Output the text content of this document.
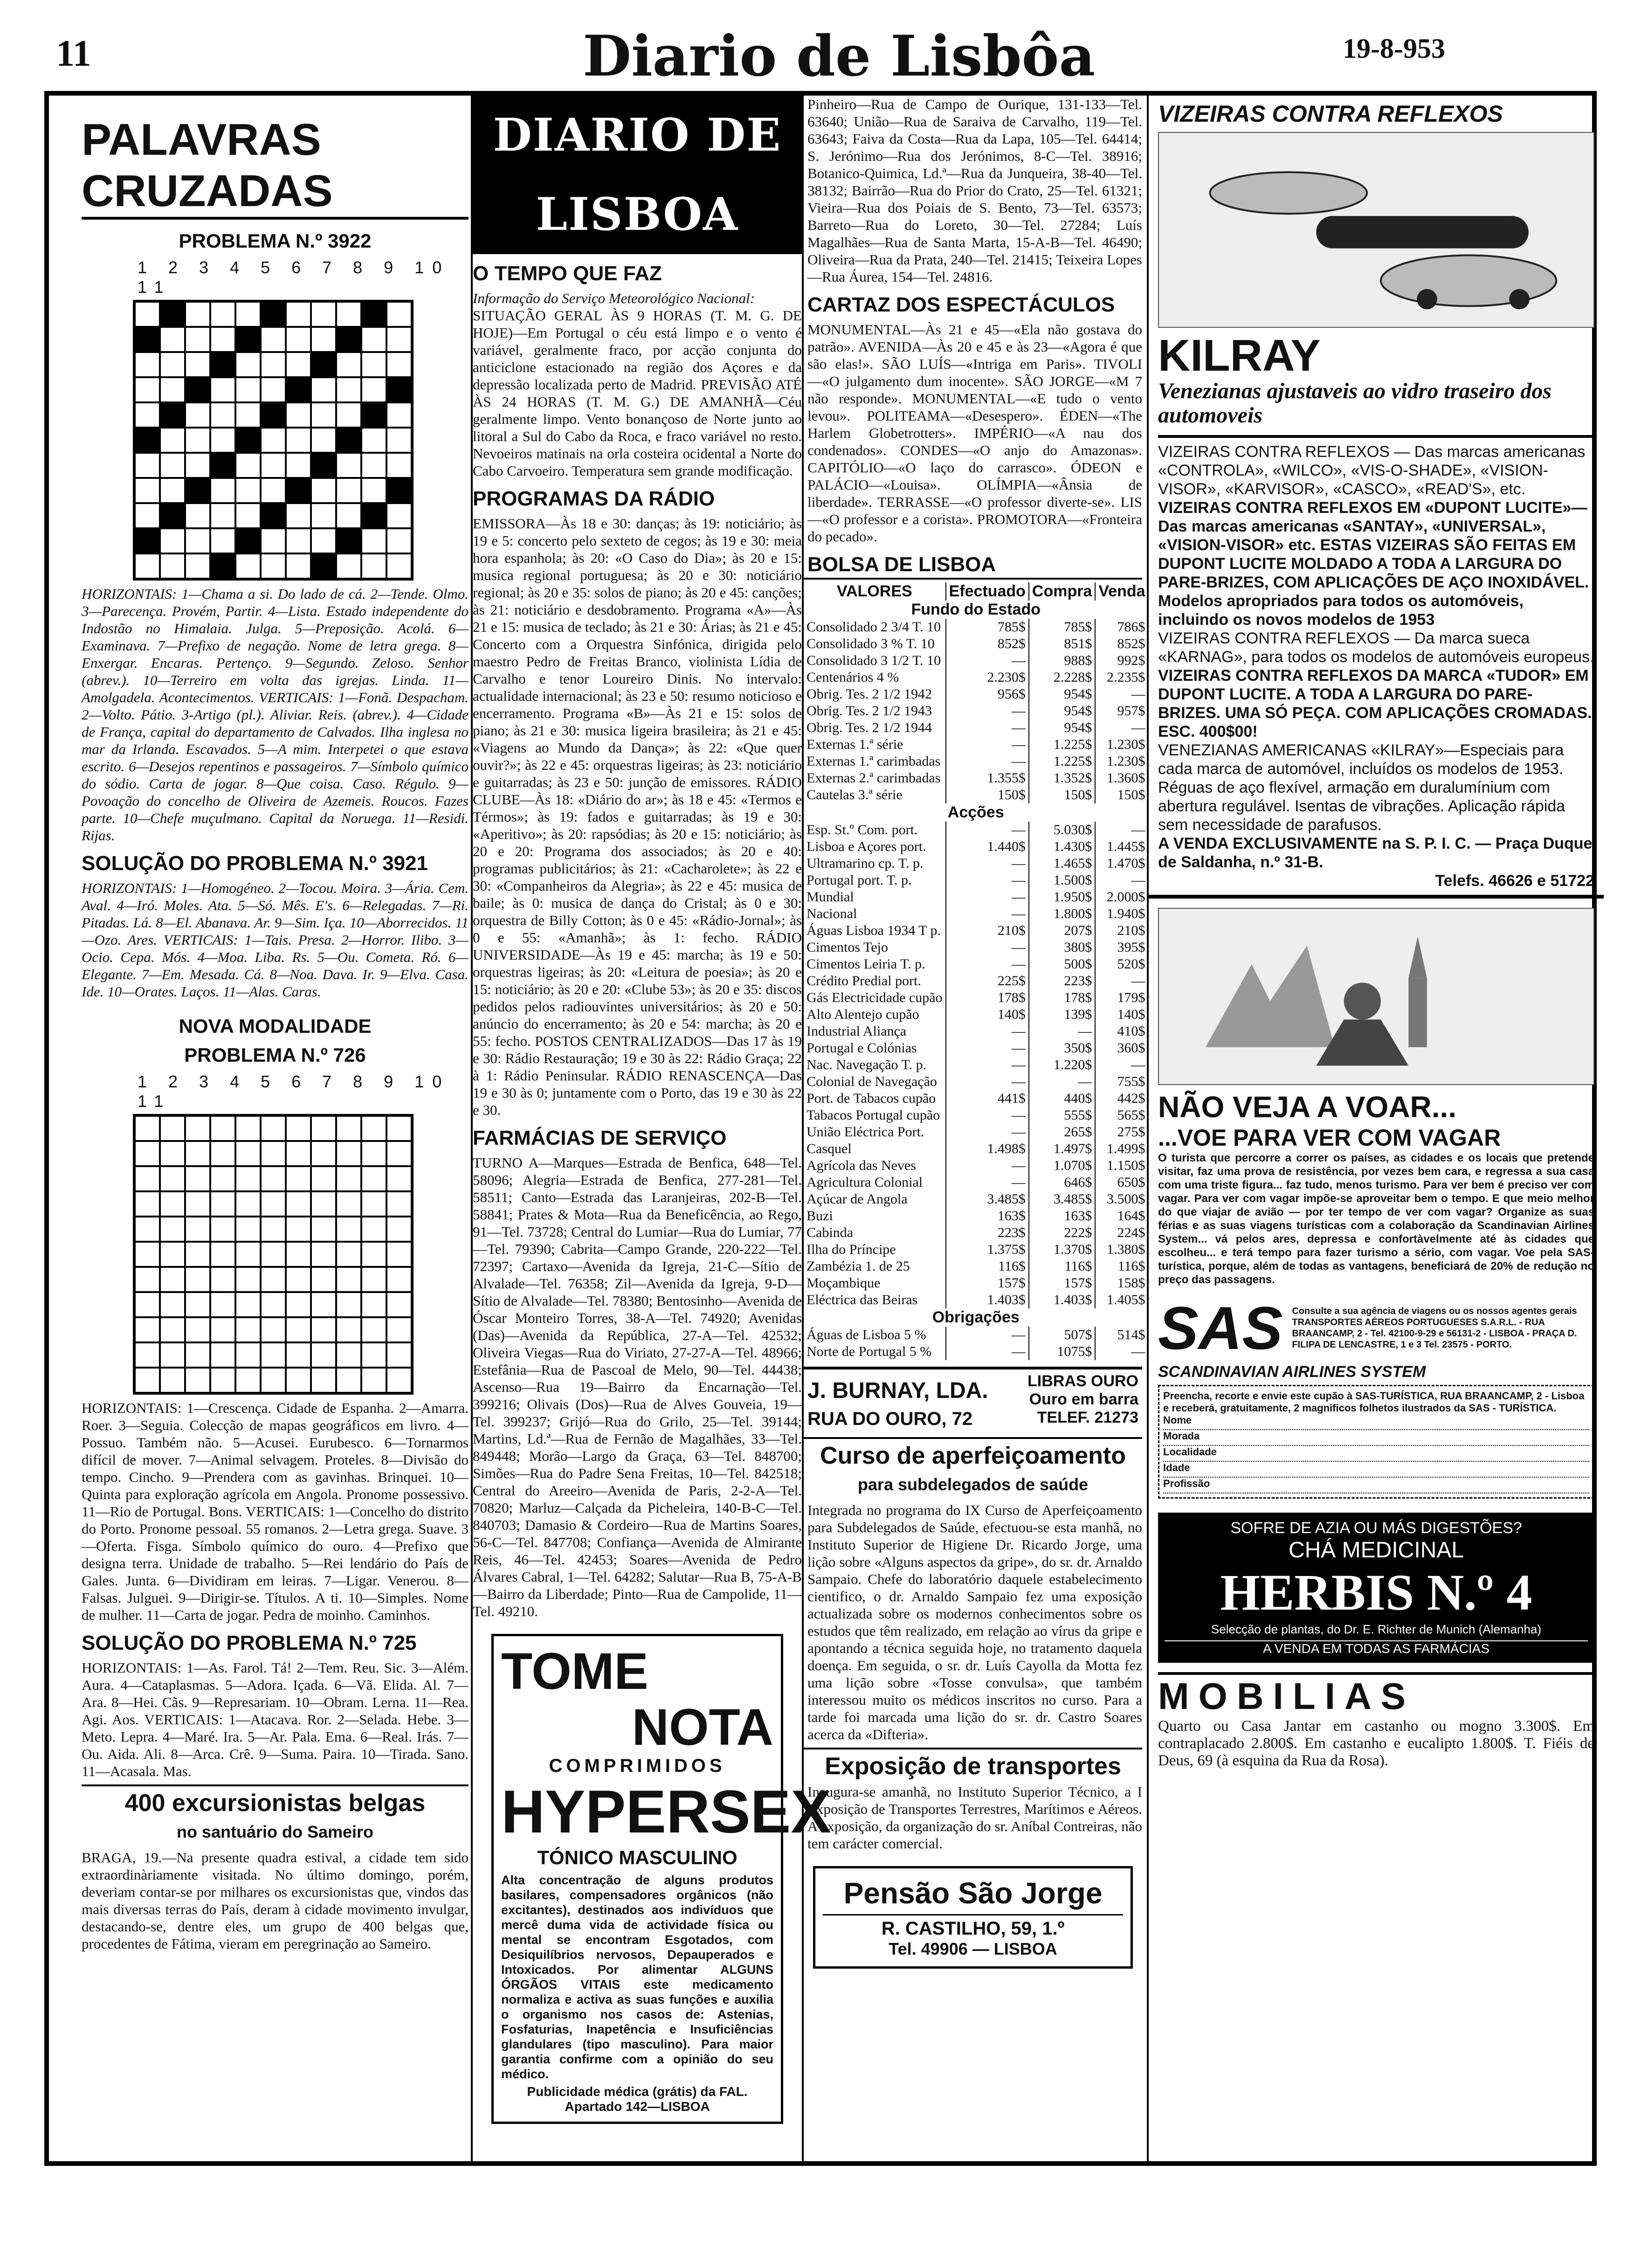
11	Diario de Lisbôa	19-8-953
PALAVRAS CRUZADAS
PROBLEMA N.º 3922
1 2 3 4 5 6 7 8 9 10 11

HORIZONTAIS: 1—Chama a si. Do lado de cá. 2—Tende. Olmo. 3—Parecença. Provém, Partir. 4—Lista. Estado independente do Indostão no Himalaia. Julga. 5—Preposição. Acolá. 6—Examinava. 7—Prefixo de negação. Nome de letra grega. 8—Enxergar. Encaras. Pertenço. 9—Segundo. Zeloso. Senhor (abrev.). 10—Terreiro em volta das igrejas. Linda. 11—Amolgadela. Acontecimentos. VERTICAIS: 1—Fonã. Despacham. 2—Volto. Pátio. 3-Artigo (pl.). Aliviar. Reis. (abrev.). 4—Cidade de França, capital do departamento de Calvados. Ilha inglesa no mar da Irlanda. Escavados. 5—A mim. Interpetei o que estava escrito. 6—Desejos repentinos e passageiros. 7—Símbolo químico do sódio. Carta de jogar. 8—Que coisa. Caso. Régulo. 9—Povoação do concelho de Oliveira de Azemeis. Roucos. Fazes parte. 10—Chefe muçulmano. Capital da Noruega. 11—Residi. Rijas.

SOLUÇÃO DO PROBLEMA N.º 3921

HORIZONTAIS: 1—Homogéneo. 2—Tocou. Moira. 3—Ária. Cem. Aval. 4—Iró. Moles. Ata. 5—Só. Mês. E's. 6—Relegadas. 7—Ri. Pitadas. Lá. 8—El. Abanava. Ar. 9—Sim. Iça. 10—Aborrecidos. 11—Ozo. Ares. VERTICAIS: 1—Tais. Presa. 2—Horror. Ilibo. 3—Ocio. Cepa. Mós. 4—Moa. Liba. Rs. 5—Ou. Cometa. Ró. 6—Elegante. 7—Em. Mesada. Cá. 8—Noa. Dava. Ir. 9—Elva. Casa. Ide. 10—Orates. Laços. 11—Alas. Caras.

NOVA MODALIDADE
PROBLEMA N.º 726
1 2 3 4 5 6 7 8 9 10 11

HORIZONTAIS: 1—Crescença. Cidade de Espanha. 2—Amarra. Roer. 3—Seguia. Colecção de mapas geográficos em livro. 4—Possuo. Também não. 5—Acusei. Eurubesco. 6—Tornarmos difícil de mover. 7—Animal selvagem. Proteles. 8—Divisão do tempo. Cincho. 9—Prendera com as gavinhas. Brinquei. 10—Quinta para exploração agrícola em Angola. Pronome possessivo. 11—Rio de Portugal. Bons. VERTICAIS: 1—Concelho do distrito do Porto. Pronome pessoal. 55 romanos. 2—Letra grega. Suave. 3—Oferta. Fisga. Símbolo químico do ouro. 4—Prefixo que designa terra. Unidade de trabalho. 5—Rei lendário do País de Gales. Junta. 6—Dividiram em leiras. 7—Ligar. Venerou. 8—Falsas. Julguei. 9—Dirigir-se. Títulos. A ti. 10—Simples. Nome de mulher. 11—Carta de jogar. Pedra de moinho. Caminhos.

SOLUÇÃO DO PROBLEMA N.º 725

HORIZONTAIS: 1—As. Farol. Tá! 2—Tem. Reu. Sic. 3—Além. Aura. 4—Cataplasmas. 5—Adora. Içada. 6—Vã. Elida. Al. 7—Ara. 8—Hei. Cãs. 9—Represariam. 10—Obram. Lerna. 11—Rea. Agi. Aos. VERTICAIS: 1—Atacava. Ror. 2—Selada. Hebe. 3—Meto. Lepra. 4—Maré. Ira. 5—Ar. Pala. Ema. 6—Real. Irás. 7—Ou. Aida. Ali. 8—Arca. Crê. 9—Suma. Paira. 10—Tirada. Sano. 11—Acasala. Mas.

400 excursionistas belgas
no santuário do Sameiro

BRAGA, 19.—Na presente quadra estival, a cidade tem sido extraordinàriamente visitada. No último domingo, porém, deveriam contar-se por milhares os excursionistas que, vindos das mais diversas terras do País, deram à cidade movimento invulgar, destacando-se, dentre eles, um grupo de 400 belgas que, procedentes de Fátima, vieram em peregrinação ao Sameiro.

DIARIO DE LISBOA
O TEMPO QUE FAZ

Informação do Serviço Meteorológico Nacional:

SITUAÇÃO GERAL ÀS 9 HORAS (T. M. G. DE HOJE)—Em Portugal o céu está limpo e o vento é variável, geralmente fraco, por acção conjunta do anticiclone estacionado na região dos Açores e da depressão localizada perto de Madrid. PREVISÃO ATÉ ÀS 24 HORAS (T. M. G.) DE AMANHÃ—Céu geralmente limpo. Vento bonançoso de Norte junto ao litoral a Sul do Cabo da Roca, e fraco variável no resto. Nevoeiros matinais na orla costeira ocidental a Norte do Cabo Carvoeiro. Temperatura sem grande modificação.

PROGRAMAS DA RÁDIO

EMISSORA—Às 18 e 30: danças; às 19: noticiário; às 19 e 5: concerto pelo sexteto de cegos; às 19 e 30: meia hora espanhola; às 20: «O Caso do Dia»; às 20 e 15: musica regional portuguesa; às 20 e 30: noticiário regional; às 20 e 35: solos de piano; às 20 e 45: canções; às 21: noticiário e desdobramento. Programa «A»—Às 21 e 15: musica de teclado; às 21 e 30: Árias; às 21 e 45: Concerto com a Orquestra Sinfónica, dirigida pelo maestro Pedro de Freitas Branco, violinista Lídia de Carvalho e tenor Loureiro Dinis. No intervalo: actualidade internacional; às 23 e 50: resumo noticioso e encerramento. Programa «B»—Às 21 e 15: solos de piano; às 21 e 30: musica ligeira brasileira; às 21 e 45: «Viagens ao Mundo da Dança»; às 22: «Que quer ouvir?»; às 22 e 45: orquestras ligeiras; às 23: noticiário e guitarradas; às 23 e 50: junção de emissores. RÁDIO CLUBE—Às 18: «Diário do ar»; às 18 e 45: «Termos e Térmos»; às 19: fados e guitarradas; às 19 e 30: «Aperitivo»; às 20: rapsódias; às 20 e 15: noticiário; às 20 e 20: Programa dos associados; às 20 e 40: programas publicitários; às 21: «Cacharolete»; às 22 e 30: «Companheiros da Alegria»; às 22 e 45: musica de baile; às 0: musica de dança do Cristal; às 0 e 30: orquestra de Billy Cotton; às 0 e 45: «Rádio-Jornal»; às 0 e 55: «Amanhã»; às 1: fecho. RÁDIO UNIVERSIDADE—Às 19 e 45: marcha; às 19 e 50: orquestras ligeiras; às 20: «Leitura de poesia»; às 20 e 15: noticiário; às 20 e 20: «Clube 53»; às 20 e 35: discos pedidos pelos radiouvintes universitários; às 20 e 50: anúncio do encerramento; às 20 e 54: marcha; às 20 e 55: fecho. POSTOS CENTRALIZADOS—Das 17 às 19 e 30: Rádio Restauração; 19 e 30 às 22: Rádio Graça; 22 à 1: Rádio Peninsular. RÁDIO RENASCENÇA—Das 19 e 30 às 0; juntamente com o Porto, das 19 e 30 às 22 e 30.

FARMÁCIAS DE SERVIÇO

TURNO A—Marques—Estrada de Benfica, 648—Tel. 58096; Alegria—Estrada de Benfica, 277-281—Tel. 58511; Canto—Estrada das Laranjeiras, 202-B—Tel. 58841; Prates & Mota—Rua da Beneficência, ao Rego, 91—Tel. 73728; Central do Lumiar—Rua do Lumiar, 77—Tel. 79390; Cabrita—Campo Grande, 220-222—Tel. 72397; Cartaxo—Avenida da Igreja, 21-C—Sítio de Alvalade—Tel. 76358; Zil—Avenida da Igreja, 9-D—Sítio de Alvalade—Tel. 78380; Bentosinho—Avenida de Óscar Monteiro Torres, 38-A—Tel. 74920; Avenidas (Das)—Avenida da República, 27-A—Tel. 42532; Oliveira Viegas—Rua do Viriato, 27-27-A—Tel. 48966; Estefânia—Rua de Pascoal de Melo, 90—Tel. 44438; Ascenso—Rua 19—Bairro da Encarnação—Tel. 399216; Olivais (Dos)—Rua de Alves Gouveia, 19—Tel. 399237; Grijó—Rua do Grilo, 25—Tel. 39144; Martins, Ld.ª—Rua de Fernão de Magalhães, 33—Tel. 849448; Morão—Largo da Graça, 63—Tel. 848700; Simões—Rua do Padre Sena Freitas, 10—Tel. 842518; Central do Areeiro—Avenida de Paris, 2-2-A—Tel. 70820; Marluz—Calçada da Picheleira, 140-B-C—Tel. 840703; Damasio & Cordeiro—Rua de Martins Soares, 56-C—Tel. 847708; Confiança—Avenida de Almirante Reis, 46—Tel. 42453; Soares—Avenida de Pedro Álvares Cabral, 1—Tel. 64282; Salutar—Rua B, 75-A-B—Bairro da Liberdade; Pinto—Rua de Campolide, 11—Tel. 49210.

TOME
NOTA
COMPRIMIDOS
HYPERSEX
TÓNICO MASCULINO

Alta concentração de alguns produtos basilares, compensadores orgânicos (não excitantes), destinados aos indivíduos que mercê duma vida de actividade física ou mental se encontram Esgotados, com Desiquilíbrios nervosos, Depauperados e Intoxicados. Por alimentar ALGUNS ÓRGÃOS VITAIS este medicamento normaliza e activa as suas funções e auxilia o organismo nos casos de: Astenias, Fosfaturias, Inapetência e Insuficiências glandulares (tipo masculino). Para maior garantia confirme com a opinião do seu médico.

Publicidade médica (grátis) da FAL. Apartado 142—LISBOA

Pinheiro—Rua de Campo de Ourique, 131-133—Tel. 63640; União—Rua de Saraiva de Carvalho, 119—Tel. 63643; Faiva da Costa—Rua da Lapa, 105—Tel. 64414; S. Jerónimo—Rua dos Jerónimos, 8-C—Tel. 38916; Botanico-Quimica, Ld.ª—Rua da Junqueira, 38-40—Tel. 38132; Bairrão—Rua do Prior do Crato, 25—Tel. 61321; Vieira—Rua dos Poiais de S. Bento, 73—Tel. 63573; Barreto—Rua do Loreto, 30—Tel. 27284; Luís Magalhães—Rua de Santa Marta, 15-A-B—Tel. 46490; Oliveira—Rua da Prata, 240—Tel. 21415; Teixeira Lopes—Rua Áurea, 154—Tel. 24816.

CARTAZ DOS ESPECTÁCULOS

MONUMENTAL—Às 21 e 45—«Ela não gostava do patrão». AVENIDA—Às 20 e 45 e às 23—«Agora é que são elas!». SÃO LUÍS—«Intriga em Paris». TIVOLI—«O julgamento dum inocente». SÃO JORGE—«M 7 não responde». MONUMENTAL—«E tudo o vento levou». POLITEAMA—«Desespero». ÉDEN—«The Harlem Globetrotters». IMPÉRIO—«A nau dos condenados». CONDES—«O anjo do Amazonas». CAPITÓLIO—«O laço do carrasco». ÓDEON e PALÁCIO—«Louisa». OLÍMPIA—«Ânsia de liberdade». TERRASSE—«O professor diverte-se». LIS—«O professor e a corista». PROMOTORA—«Fronteira do pecado».

BOLSA DE LISBOA
VALORES	Efectuado	Compra	Venda
Fundo do Estado			
Consolidado 2 3/4 T. 10	785$	785$	786$
Consolidado 3 % T. 10	852$	851$	852$
Consolidado 3 1/2 T. 10	—	988$	992$
Centenários 4 %	2.230$	2.228$	2.235$
Obrig. Tes. 2 1/2 1942	956$	954$	—
Obrig. Tes. 2 1/2 1943	—	954$	957$
Obrig. Tes. 2 1/2 1944	—	954$	—
Externas 1.ª série	—	1.225$	1.230$
Externas 1.ª carimbadas	—	1.225$	1.230$
Externas 2.ª carimbadas	1.355$	1.352$	1.360$
Cautelas 3.ª série	150$	150$	150$
Acções			
Esp. St.º Com. port.	—	5.030$	—
Lisboa e Açores port.	1.440$	1.430$	1.445$
Ultramarino cp. T. p.	—	1.465$	1.470$
Portugal port. T. p.	—	1.500$	—
Mundial	—	1.950$	2.000$
Nacional	—	1.800$	1.940$
Águas Lisboa 1934 T p.	210$	207$	210$
Cimentos Tejo	—	380$	395$
Cimentos Leiria T. p.	—	500$	520$
Crédito Predial port.	225$	223$	—
Gás Electricidade cupão	178$	178$	179$
Alto Alentejo cupão	140$	139$	140$
Industrial Aliança	—	—	410$
Portugal e Colónias	—	350$	360$
Nac. Navegação T. p.	—	1.220$	—
Colonial de Navegação	—	—	755$
Port. de Tabacos cupão	441$	440$	442$
Tabacos Portugal cupão	—	555$	565$
União Eléctrica Port.	—	265$	275$
Casquel	1.498$	1.497$	1.499$
Agrícola das Neves	—	1.070$	1.150$
Agricultura Colonial	—	646$	650$
Açúcar de Angola	3.485$	3.485$	3.500$
Buzi	163$	163$	164$
Cabinda	223$	222$	224$
Ilha do Príncipe	1.375$	1.370$	1.380$
Zambézia 1. de 25	116$	116$	116$
Moçambique	157$	157$	158$
Eléctrica das Beiras	1.403$	1.403$	1.405$
Obrigações			
Águas de Lisboa 5 %	—	507$	514$
Norte de Portugal 5 %	—	1075$	—
J. BURNAY, LDA. LIBRAS OURO
Ouro em barra
RUA DO OURO, 72	TELEF. 21273
Curso de aperfeiçoamento
para subdelegados de saúde

Integrada no programa do IX Curso de Aperfeiçoamento para Subdelegados de Saúde, efectuou-se esta manhã, no Instituto Superior de Higiene Dr. Ricardo Jorge, uma lição sobre «Alguns aspectos da gripe», do sr. dr. Arnaldo Sampaio. Chefe do laboratório daquele estabelecimento cientifico, o dr. Arnaldo Sampaio fez uma exposição actualizada sobre os modernos conhecimentos sobre os estudos que têm realizado, em relação ao vírus da gripe e apontando a técnica seguida hoje, no tratamento daquela doença. Em seguida, o sr. dr. Luís Cayolla da Motta fez uma lição sobre «Tosse convulsa», que também interessou muito os médicos inscritos no curso. Para a tarde foi marcada uma lição do sr. dr. Castro Soares acerca da «Difteria».

Exposição de transportes

Inaugura-se amanhã, no Instituto Superior Técnico, a I Exposição de Transportes Terrestres, Marítimos e Aéreos. A exposição, da organização do sr. Aníbal Contreiras, não tem carácter comercial.

Pensão São Jorge
R. CASTILHO, 59, 1.º
Tel. 49906 — LISBOA
VIZEIRAS CONTRA REFLEXOS
KILRAY
Venezianas ajustaveis ao vidro traseiro dos automoveis

VIZEIRAS CONTRA REFLEXOS — Das marcas americanas «CONTROLA», «WILCO», «VIS-O-SHADE», «VISION-VISOR», «KARVISOR», «CASCO», «READ'S», etc.

VIZEIRAS CONTRA REFLEXOS EM «DUPONT LUCITE»—Das marcas americanas «SANTAY», «UNIVERSAL», «VISION-VISOR» etc. ESTAS VIZEIRAS SÃO FEITAS EM DUPONT LUCITE MOLDADO A TODA A LARGURA DO PARE-BRIZES, COM APLICAÇÕES DE AÇO INOXIDÁVEL.

Modelos apropriados para todos os automóveis, incluindo os novos modelos de 1953

VIZEIRAS CONTRA REFLEXOS — Da marca sueca «KARNAG», para todos os modelos de automóveis europeus.

VIZEIRAS CONTRA REFLEXOS DA MARCA «TUDOR» EM DUPONT LUCITE. A TODA A LARGURA DO PARE-BRIZES. UMA SÓ PEÇA. COM APLICAÇÕES CROMADAS. ESC. 400$00!

VENEZIANAS AMERICANAS «KILRAY»—Especiais para cada marca de automóvel, incluídos os modelos de 1953. Réguas de aço flexível, armação em duralumínium com abertura regulável. Isentas de vibrações. Aplicação rápida sem necessidade de parafusos.

A VENDA EXCLUSIVAMENTE na S. P. I. C. — Praça Duque de Saldanha, n.º 31-B.

Telefs. 46626 e 51722

NÃO VEJA A VOAR...
...VOE PARA VER COM VAGAR

O turista que percorre a correr os países, as cidades e os locais que pretende visitar, faz uma prova de resistência, por vezes bem cara, e regressa a sua casa com uma triste figura... faz tudo, menos turismo. Para ver bem é preciso ver com vagar. Para ver com vagar impõe-se aproveitar bem o tempo. E que meio melhor do que viajar de avião — por ter tempo de ver com vagar? Organize as suas férias e as suas viagens turísticas com a colaboração da Scandinavian Airlines System... vá pelos ares, depressa e confortàvelmente até às cidades que escolheu... e terá tempo para fazer turismo a sério, com vagar. Voe pela SAS-turística, porque, além de todas as vantagens, beneficiará de 20% de redução no preço das passagens.

SAS Consulte a sua agência de viagens ou os nossos agentes gerais TRANSPORTES AÉREOS PORTUGUESES S.A.R.L. - RUA BRAANCAMP, 2 - Tel. 42100-9-29 e 56131-2 - LISBOA - PRAÇA D. FILIPA DE LENCASTRE, 1 e 3 Tel. 23575 - PORTO.
SCANDINAVIAN AIRLINES SYSTEM

Preencha, recorte e envie este cupão à SAS-TURÍSTICA, RUA BRAANCAMP, 2 - Lisboa e receberá, gratuitamente, 2 magnificos folhetos ilustrados da SAS - TURÍSTICA.

Nome
Morada
Localidade
Idade
Profissão
SOFRE DE AZIA OU MÁS DIGESTÕES?
CHÁ MEDICINAL
HERBIS N.º 4
Selecção de plantas, do Dr. E. Richter de Munich (Alemanha)
A VENDA EM TODAS AS FARMÁCIAS
MOBILIAS

Quarto ou Casa Jantar em castanho ou mogno 3.300$. Em contraplacado 2.800$. Em castanho e eucalipto 1.800$. T. Fiéis de Deus, 69 (à esquina da Rua da Rosa).
